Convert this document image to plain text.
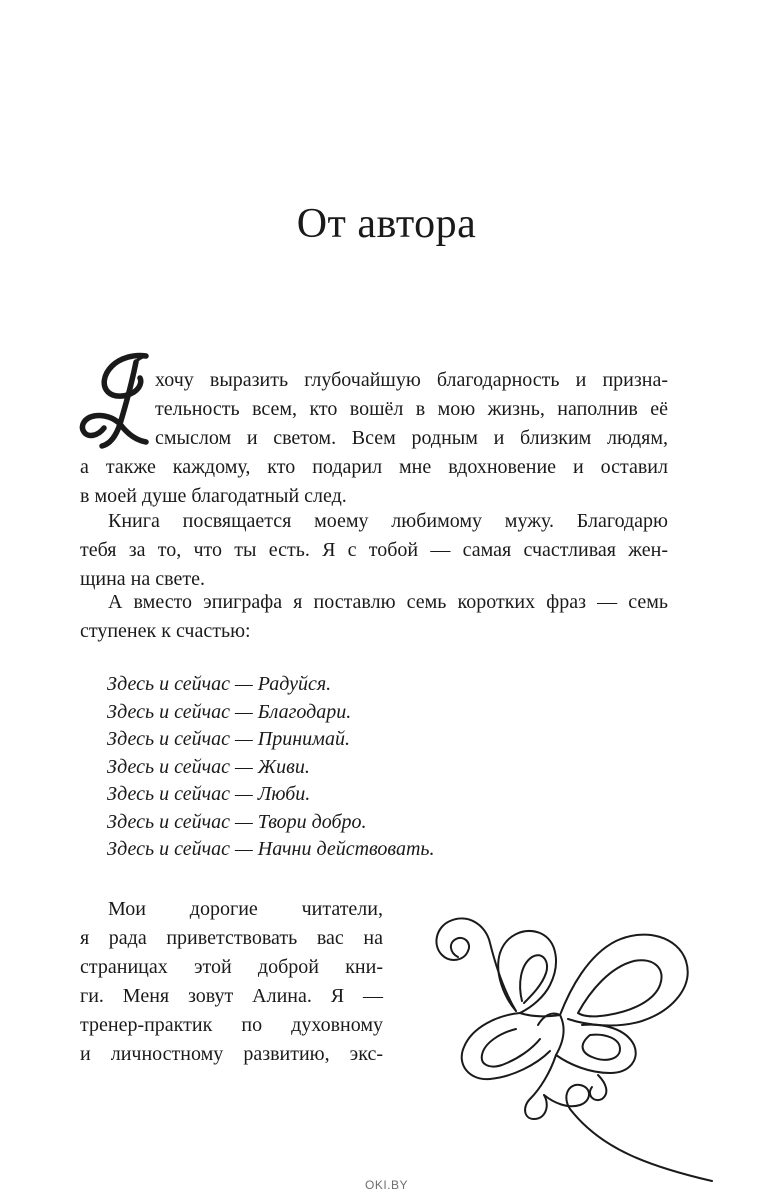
От автора
хочу выразить глубочайшую благодарность и призна-
тельность всем, кто вошёл в мою жизнь, наполнив её
смыслом и светом. Всем родным и близким людям,
а также каждому, кто подарил мне вдохновение и оставил
в моей душе благодатный след.
Книга посвящается моему любимому мужу. Благодарю
тебя за то, что ты есть. Я с тобой — самая счастливая жен-
щина на свете.
А вместо эпиграфа я поставлю семь коротких фраз — семь
ступенек к счастью:
Здесь и сейчас — Радуйся.
Здесь и сейчас — Благодари.
Здесь и сейчас — Принимай.
Здесь и сейчас — Живи.
Здесь и сейчас — Люби.
Здесь и сейчас — Твори добро.
Здесь и сейчас — Начни действовать.
Мои дорогие читатели,
я рада приветствовать вас на
страницах этой доброй кни-
ги. Меня зовут Алина. Я —
тренер-практик по духовному
и личностному развитию, экс-
OKI.BY
